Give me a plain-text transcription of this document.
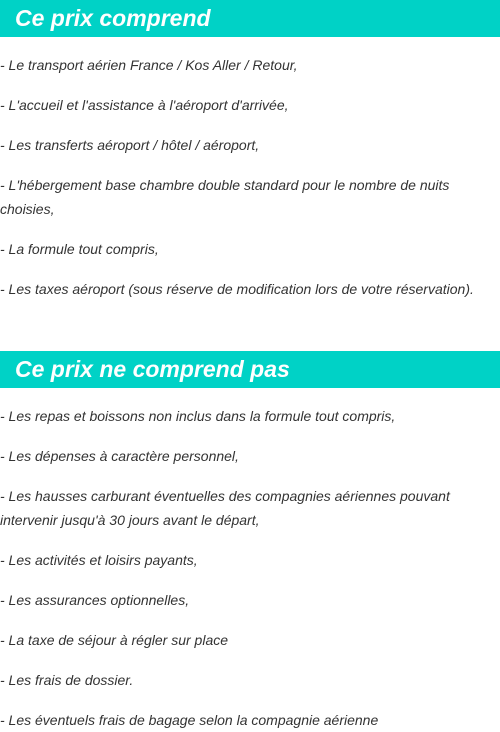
Ce prix comprend
- Le transport aérien France / Kos Aller / Retour,
- L'accueil et l'assistance à l'aéroport d'arrivée,
- Les transferts aéroport / hôtel / aéroport,
- L'hébergement base chambre double standard pour le nombre de nuits choisies,
- La formule tout compris,
- Les taxes aéroport (sous réserve de modification lors de votre réservation).
Ce prix ne comprend pas
- Les repas et boissons non inclus dans la formule tout compris,
- Les dépenses à caractère personnel,
- Les hausses carburant éventuelles des compagnies aériennes pouvant intervenir jusqu'à 30 jours avant le départ,
- Les activités et loisirs payants,
- Les assurances optionnelles,
- La taxe de séjour à régler sur place
- Les frais de dossier.
- Les éventuels frais de bagage selon la compagnie aérienne
